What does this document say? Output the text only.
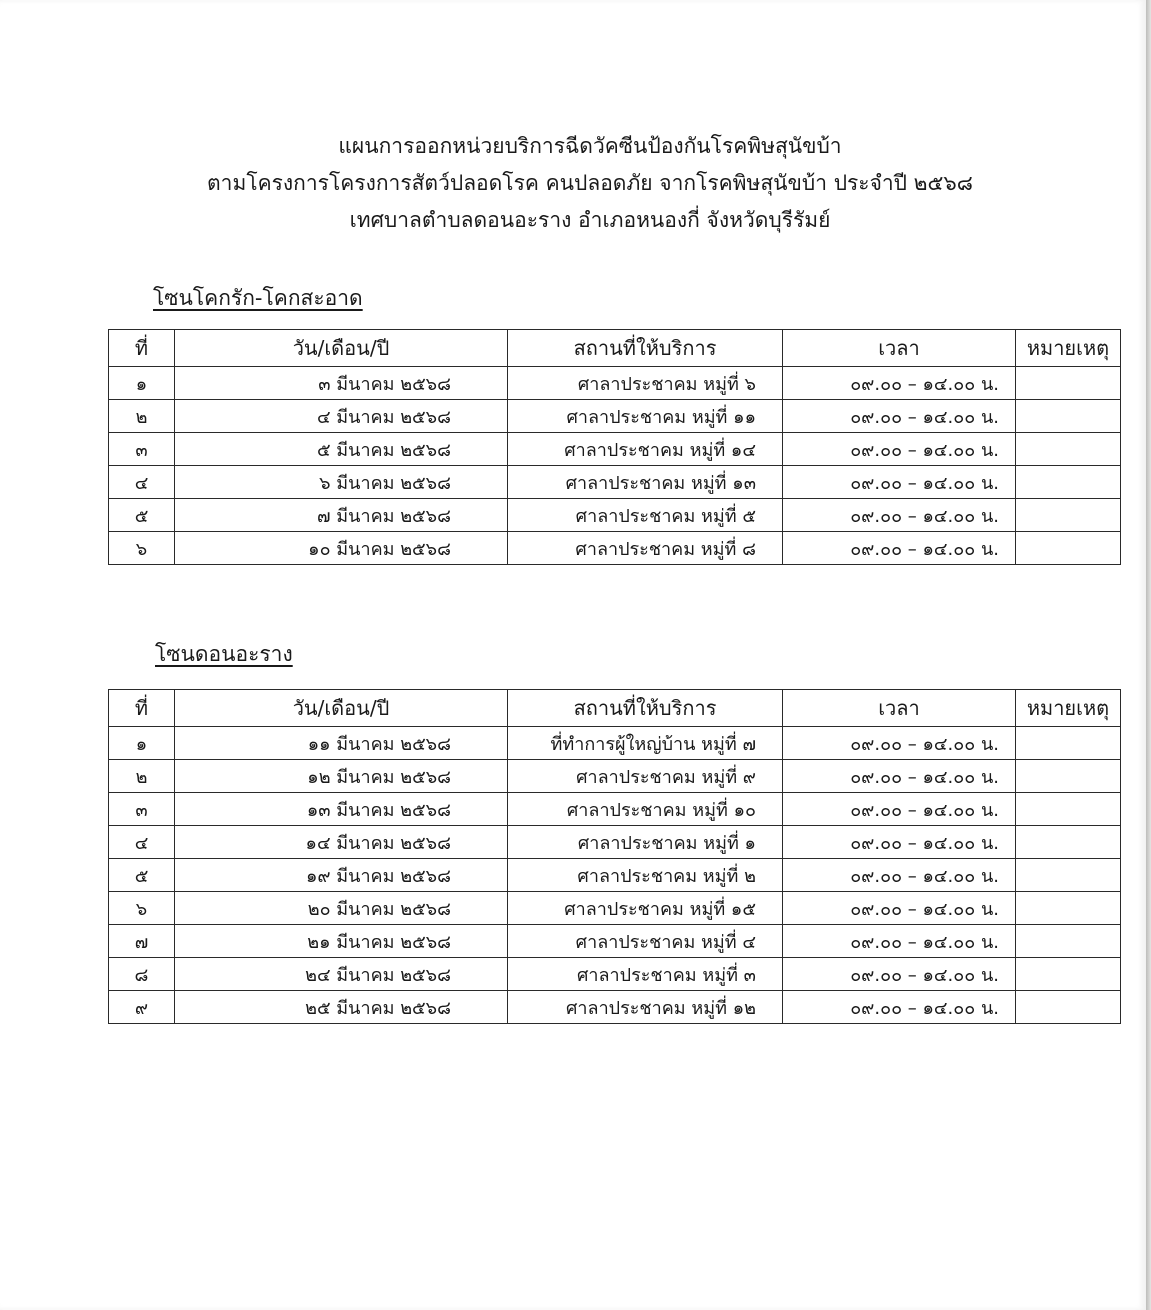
แผนการออกหน่วยบริการฉีดวัคซีนป้องกันโรคพิษสุนัขบ้า
ตามโครงการโครงการสัตว์ปลอดโรค คนปลอดภัย จากโรคพิษสุนัขบ้า ประจำปี ๒๕๖๘
เทศบาลตำบลดอนอะราง อำเภอหนองกี่ จังหวัดบุรีรัมย์
โซนโคกรัก-โคกสะอาด
ที่	วัน/เดือน/ปี	สถานที่ให้บริการ	เวลา	หมายเหตุ
๑	๓ มีนาคม ๒๕๖๘	ศาลาประชาคม หมู่ที่ ๖	๐๙.๐๐ – ๑๔.๐๐ น.	
๒	๔ มีนาคม ๒๕๖๘	ศาลาประชาคม หมู่ที่ ๑๑	๐๙.๐๐ – ๑๔.๐๐ น.	
๓	๕ มีนาคม ๒๕๖๘	ศาลาประชาคม หมู่ที่ ๑๔	๐๙.๐๐ – ๑๔.๐๐ น.	
๔	๖ มีนาคม ๒๕๖๘	ศาลาประชาคม หมู่ที่ ๑๓	๐๙.๐๐ – ๑๔.๐๐ น.	
๕	๗ มีนาคม ๒๕๖๘	ศาลาประชาคม หมู่ที่ ๕	๐๙.๐๐ – ๑๔.๐๐ น.	
๖	๑๐ มีนาคม ๒๕๖๘	ศาลาประชาคม หมู่ที่ ๘	๐๙.๐๐ – ๑๔.๐๐ น.	
โซนดอนอะราง
ที่	วัน/เดือน/ปี	สถานที่ให้บริการ	เวลา	หมายเหตุ
๑	๑๑ มีนาคม ๒๕๖๘	ที่ทำการผู้ใหญ่บ้าน หมู่ที่ ๗	๐๙.๐๐ – ๑๔.๐๐ น.	
๒	๑๒ มีนาคม ๒๕๖๘	ศาลาประชาคม หมู่ที่ ๙	๐๙.๐๐ – ๑๔.๐๐ น.	
๓	๑๓ มีนาคม ๒๕๖๘	ศาลาประชาคม หมู่ที่ ๑๐	๐๙.๐๐ – ๑๔.๐๐ น.	
๔	๑๔ มีนาคม ๒๕๖๘	ศาลาประชาคม หมู่ที่ ๑	๐๙.๐๐ – ๑๔.๐๐ น.	
๕	๑๙ มีนาคม ๒๕๖๘	ศาลาประชาคม หมู่ที่ ๒	๐๙.๐๐ – ๑๔.๐๐ น.	
๖	๒๐ มีนาคม ๒๕๖๘	ศาลาประชาคม หมู่ที่ ๑๕	๐๙.๐๐ – ๑๔.๐๐ น.	
๗	๒๑ มีนาคม ๒๕๖๘	ศาลาประชาคม หมู่ที่ ๔	๐๙.๐๐ – ๑๔.๐๐ น.	
๘	๒๔ มีนาคม ๒๕๖๘	ศาลาประชาคม หมู่ที่ ๓	๐๙.๐๐ – ๑๔.๐๐ น.	
๙	๒๕ มีนาคม ๒๕๖๘	ศาลาประชาคม หมู่ที่ ๑๒	๐๙.๐๐ – ๑๔.๐๐ น.	
